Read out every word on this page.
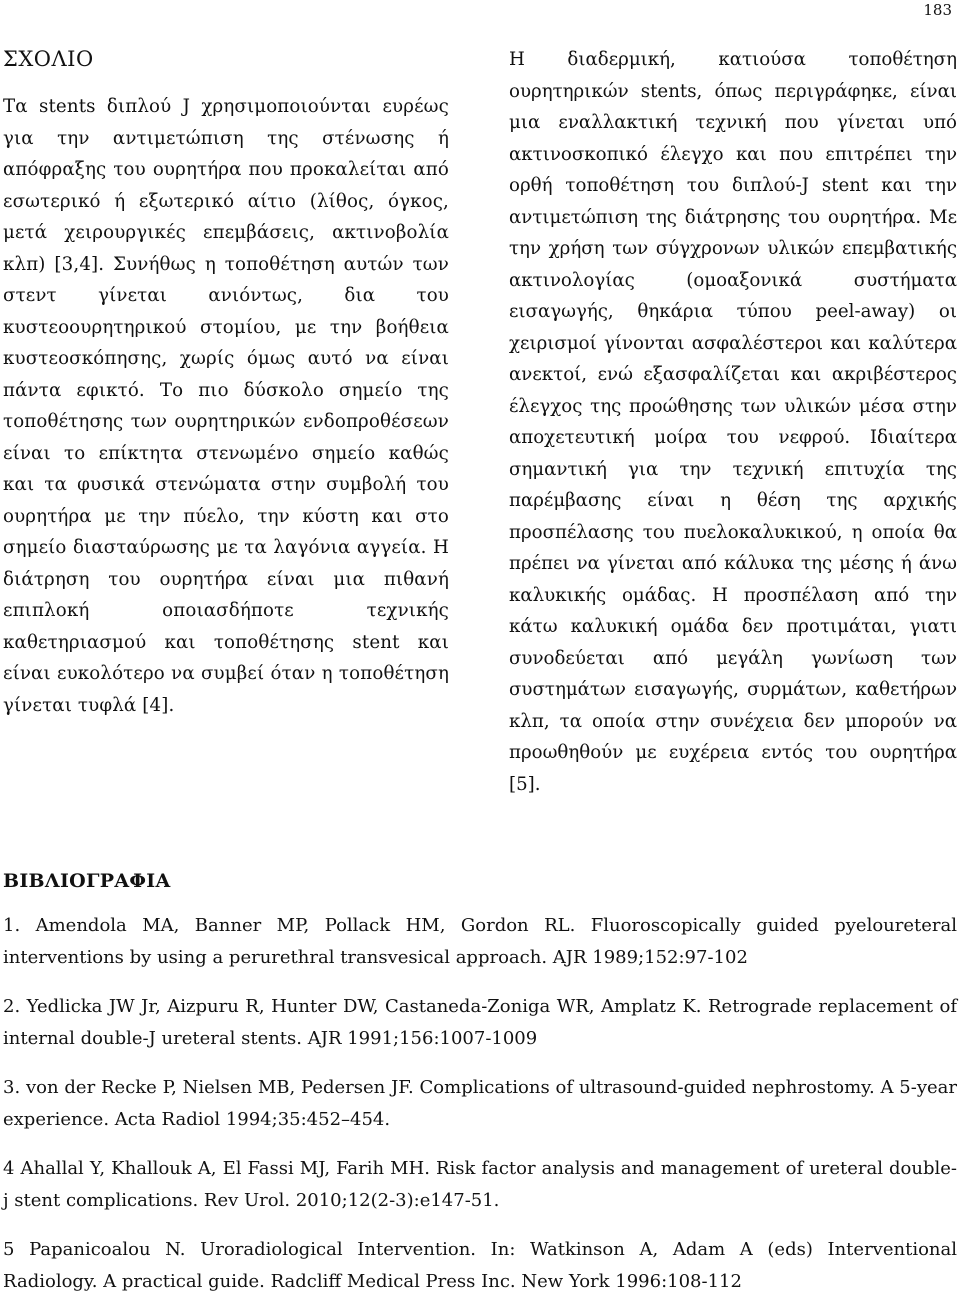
183
ΣΧΟΛΙΟ

Τα stents διπλού J χρησιμοποιούνται ευρέως για την αντιμετώπιση της στένωσης ή απόφραξης του ουρητήρα που προκαλείται από εσωτερικό ή εξωτερικό αίτιο (λίθος, όγκος, μετά χειρουργικές επεμβάσεις, ακτινοβολία κλπ) [3,4]. Συνήθως η τοποθέτηση αυτών των στεντ γίνεται ανιόντως, δια του κυστεοουρητηρικού στομίου, με την βοήθεια κυστεοσκόπησης, χωρίς όμως αυτό να είναι πάντα εφικτό. Το πιο δύσκολο σημείο της τοποθέτησης των ουρητηρικών ενδοπροθέσεων είναι το επίκτητα στενωμένο σημείο καθώς και τα φυσικά στενώματα στην συμβολή του ουρητήρα με την πύελο, την κύστη και στο σημείο διασταύρωσης με τα λαγόνια αγγεία. Η διάτρηση του ουρητήρα είναι μια πιθανή επιπλοκή οποιασδήποτε τεχνικής καθετηριασμού και τοποθέτησης stent και είναι ευκολότερο να συμβεί όταν η τοποθέτηση γίνεται τυφλά [4].

Η διαδερμική, κατιούσα τοποθέτηση ουρητηρικών stents, όπως περιγράφηκε, είναι μια εναλλακτική τεχνική που γίνεται υπό ακτινοσκοπικό έλεγχο και που επιτρέπει την ορθή τοποθέτηση του διπλού-J stent και την αντιμετώπιση της διάτρησης του ουρητήρα. Με την χρήση των σύγχρονων υλικών επεμβατικής ακτινολογίας (ομοαξονικά συστήματα εισαγωγής, θηκάρια τύπου peel-away) οι χειρισμοί γίνονται ασφαλέστεροι και καλύτερα ανεκτοί, ενώ εξασφαλίζεται και ακριβέστερος έλεγχος της προώθησης των υλικών μέσα στην αποχετευτική μοίρα του νεφρού. Ιδιαίτερα σημαντική για την τεχνική επιτυχία της παρέμβασης είναι η θέση της αρχικής προσπέλασης του πυελοκαλυκικού, η οποία θα πρέπει να γίνεται από κάλυκα της μέσης ή άνω καλυκικής ομάδας. Η προσπέλαση από την κάτω καλυκική ομάδα δεν προτιμάται, γιατι συνοδεύεται από μεγάλη γωνίωση των συστημάτων εισαγωγής, συρμάτων, καθετήρων κλπ, τα οποία στην συνέχεια δεν μπορούν να προωθηθούν με ευχέρεια εντός του ουρητήρα [5].

ΒΙΒΛΙΟΓΡΑΦΙΑ

1. Amendola MA, Banner MP, Pollack HM, Gordon RL. Fluoroscopically guided pyeloureteral interventions by using a perurethral transvesical approach. AJR 1989;152:97-102

2. Yedlicka JW Jr, Aizpuru R, Hunter DW, Castaneda-Zoniga WR, Amplatz K. Retrograde replacement of internal double-J ureteral stents. AJR 1991;156:1007-1009

3. von der Recke P, Nielsen MB, Pedersen JF. Complications of ultrasound-guided nephrostomy. A 5-year experience. Acta Radiol 1994;35:452–454.

4 Ahallal Y, Khallouk A, El Fassi MJ, Farih MH. Risk factor analysis and management of ureteral double-j stent complications. Rev Urol. 2010;12(2-3):e147-51.

5 Papanicoalou N. Uroradiological Intervention. In: Watkinson A, Adam A (eds) Interventional Radiology. A practical guide. Radcliff Medical Press Inc. New York 1996:108-112
